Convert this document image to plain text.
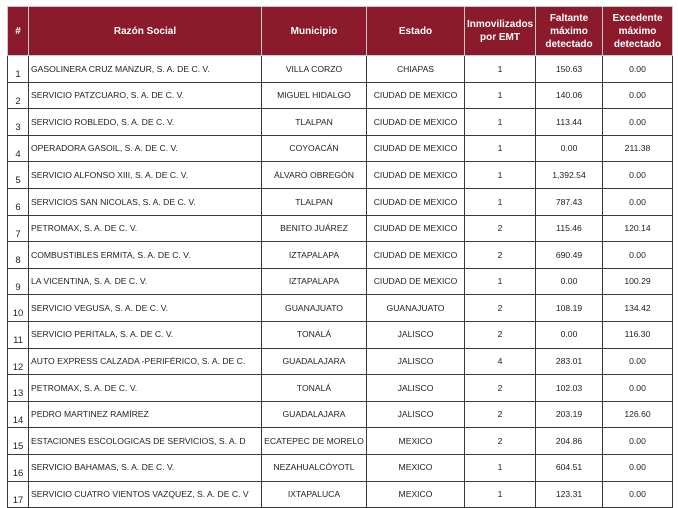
#	Razón Social	Municipio	Estado	Inmovilizados por EMT	Faltante máximo detectado	Excedente máximo detectado
1	GASOLINERA CRUZ MANZUR, S. A. DE C. V.	VILLA CORZO	CHIAPAS	1	150.63	0.00
2	SERVICIO PATZCUARO, S. A. DE C. V.	MIGUEL HIDALGO	CIUDAD DE MEXICO	1	140.06	0.00
3	SERVICIO ROBLEDO, S. A. DE C. V.	TLALPAN	CIUDAD DE MEXICO	1	113.44	0.00
4	OPERADORA GASOIL, S. A. DE C. V.	COYOACÁN	CIUDAD DE MEXICO	1	0.00	211.38
5	SERVICIO ALFONSO XIII, S. A. DE C. V.	ÁLVARO OBREGÓN	CIUDAD DE MEXICO	1	1,392.54	0.00
6	SERVICIOS SAN NICOLAS, S. A. DE C. V.	TLALPAN	CIUDAD DE MEXICO	1	787.43	0.00
7	PETROMAX, S. A. DE C. V.	BENITO JUÁREZ	CIUDAD DE MEXICO	2	115.46	120.14
8	COMBUSTIBLES ERMITA, S. A. DE C. V.	IZTAPALAPA	CIUDAD DE MEXICO	2	690.49	0.00
9	LA VICENTINA, S. A. DE C. V.	IZTAPALAPA	CIUDAD DE MEXICO	1	0.00	100.29
10	SERVICIO VEGUSA, S. A. DE C. V.	GUANAJUATO	GUANAJUATO	2	108.19	134.42
11	SERVICIO PERITALA, S. A. DE C. V.	TONALÁ	JALISCO	2	0.00	116.30
12	AUTO EXPRESS CALZADA -PERIFÉRICO, S. A. DE C.	GUADALAJARA	JALISCO	4	283.01	0.00
13	PETROMAX, S. A. DE C. V.	TONALÁ	JALISCO	2	102.03	0.00
14	PEDRO MARTINEZ RAMÍREZ	GUADALAJARA	JALISCO	2	203.19	126.60
15	ESTACIONES ESCOLOGICAS DE SERVICIOS, S. A. D	ECATEPEC DE MORELO	MEXICO	2	204.86	0.00
16	SERVICIO BAHAMAS, S. A. DE C. V.	NEZAHUALCÓYOTL	MEXICO	1	604.51	0.00
17	SERVICIO CUATRO VIENTOS VAZQUEZ, S. A. DE C. V	IXTAPALUCA	MEXICO	1	123.31	0.00
